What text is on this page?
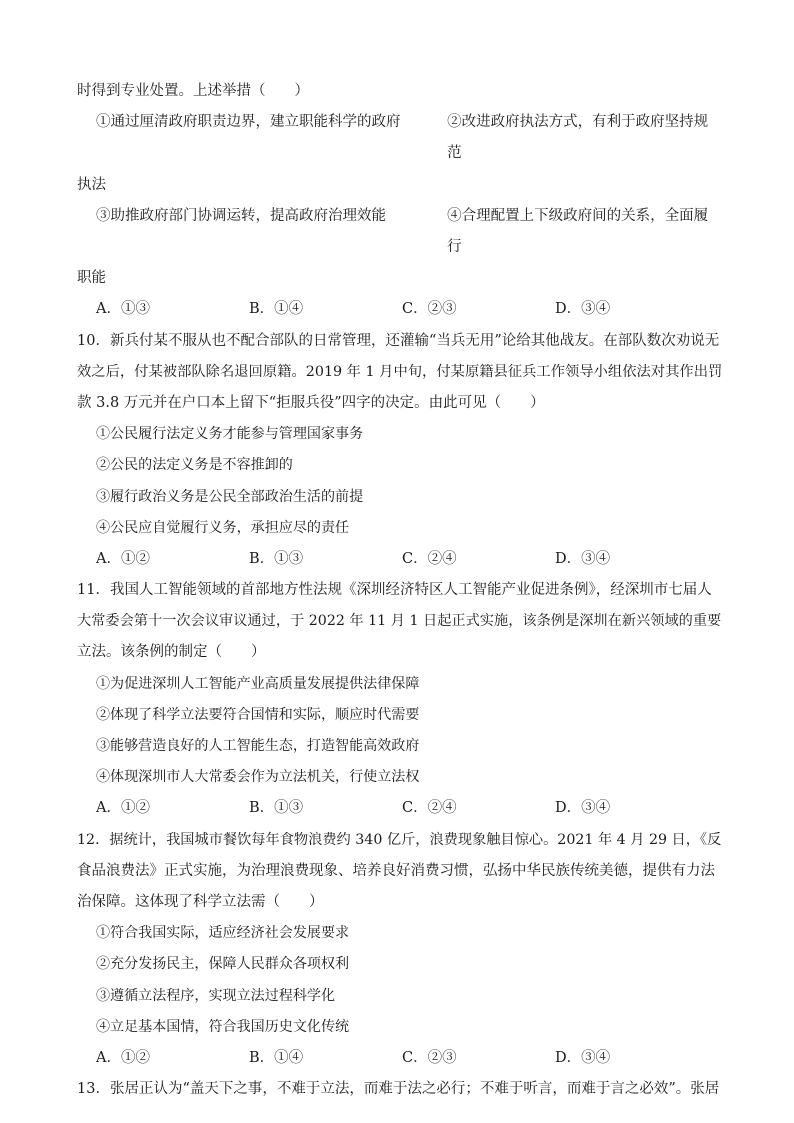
时得到专业处置。上述举措（　　）
①通过厘清政府职责边界，建立职能科学的政府	②改进政府执法方式，有利于政府坚持规范
执法
③助推政府部门协调运转，提高政府治理效能	④合理配置上下级政府间的关系，全面履行
职能
A．①③	B．①④	C．②③	D．③④
10．新兵付某不服从也不配合部队的日常管理，还灌输“当兵无用”论给其他战友。在部队数次劝说无
效之后，付某被部队除名退回原籍。2019 年 1 月中旬，付某原籍县征兵工作领导小组依法对其作出罚
款 3.8 万元并在户口本上留下“拒服兵役”四字的决定。由此可见（　　）
①公民履行法定义务才能参与管理国家事务
②公民的法定义务是不容推卸的
③履行政治义务是公民全部政治生活的前提
④公民应自觉履行义务，承担应尽的责任
A．①②	B．①③	C．②④	D．③④
11．我国人工智能领域的首部地方性法规《深圳经济特区人工智能产业促进条例》，经深圳市七届人
大常委会第十一次会议审议通过，于 2022 年 11 月 1 日起正式实施，该条例是深圳在新兴领域的重要
立法。该条例的制定（　　）
①为促进深圳人工智能产业高质量发展提供法律保障
②体现了科学立法要符合国情和实际，顺应时代需要
③能够营造良好的人工智能生态，打造智能高效政府
④体现深圳市人大常委会作为立法机关，行使立法权
A．①②	B．①③	C．②④	D．③④
12．据统计，我国城市餐饮每年食物浪费约 340 亿斤，浪费现象触目惊心。2021 年 4 月 29 日，《反
食品浪费法》正式实施，为治理浪费现象、培养良好消费习惯，弘扬中华民族传统美德，提供有力法
治保障。这体现了科学立法需（　　）
①符合我国实际，适应经济社会发展要求
②充分发扬民主，保障人民群众各项权利
③遵循立法程序，实现立法过程科学化
④立足基本国情，符合我国历史文化传统
A．①②	B．①④	C．②③	D．③④
13．张居正认为“盖天下之事，不难于立法，而难于法之必行；不难于听言，而难于言之必效”。张居
